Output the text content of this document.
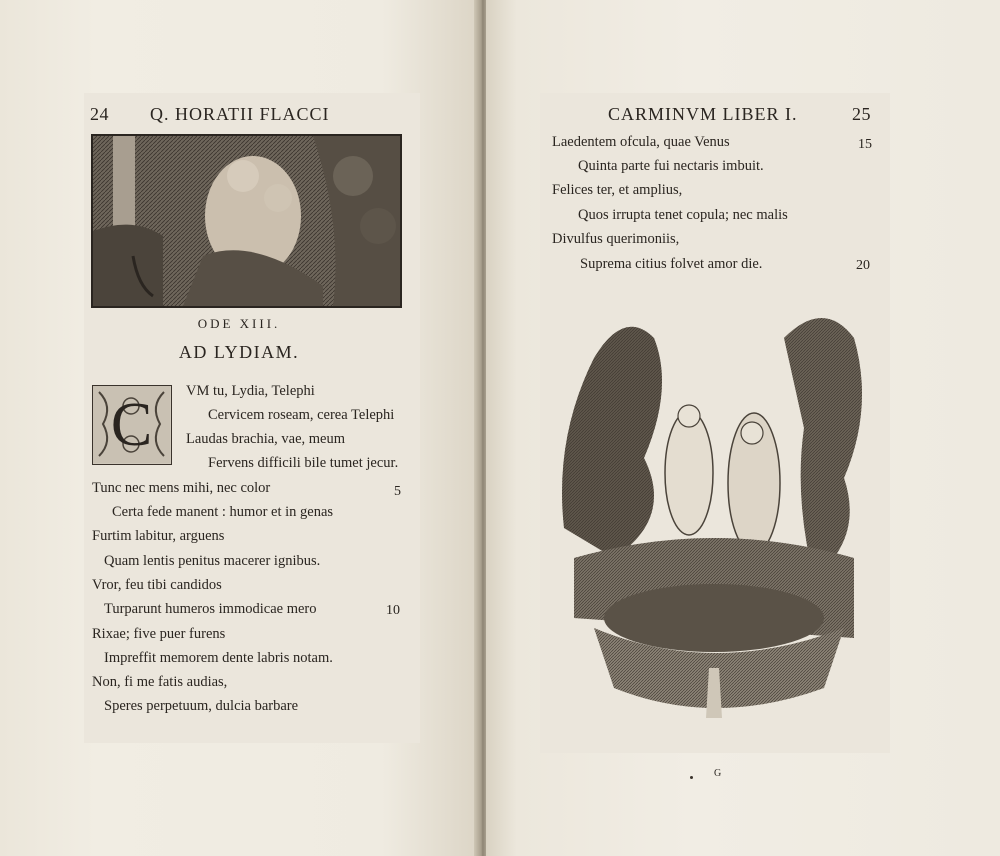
24 Q. HORATII FLACCI
ODE XIII.
AD LYDIAM.
C	VM tu, Lydia, Telephi
Cervicem roseam, cerea Telephi
Laudas brachia, vae, meum
Fervens difficili bile tumet jecur.
Tunc nec mens mihi, nec color	5
Certa fede manent : humor et in genas
Furtim labitur, arguens
Quam lentis penitus macerer ignibus.
Vror, feu tibi candidos
Turparunt humeros immodicae mero	10
Rixae; five puer furens
Impreffit memorem dente labris notam.
Non, fi me fatis audias,
Speres perpetuum, dulcia barbare
CARMINVM LIBER I.	25
Laedentem ofcula, quae Venus	15
Quinta parte fui nectaris imbuit.
Felices ter, et amplius,
Quos irrupta tenet copula; nec malis
Divulfus querimoniis,
Suprema citius folvet amor die.	20
G
